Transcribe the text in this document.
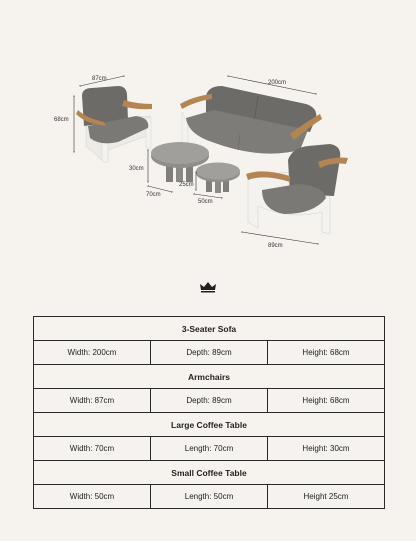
87cm
68cm
200cm
30cm
70cm
25cm
50cm
89cm
3-Seater Sofa		
Width: 200cm	Depth: 89cm	Height: 68cm
Armchairs		
Width: 87cm	Depth: 89cm	Height: 68cm
Large Coffee Table		
Width: 70cm	Length: 70cm	Height: 30cm
Small Coffee Table		
Width: 50cm	Length: 50cm	Height 25cm
